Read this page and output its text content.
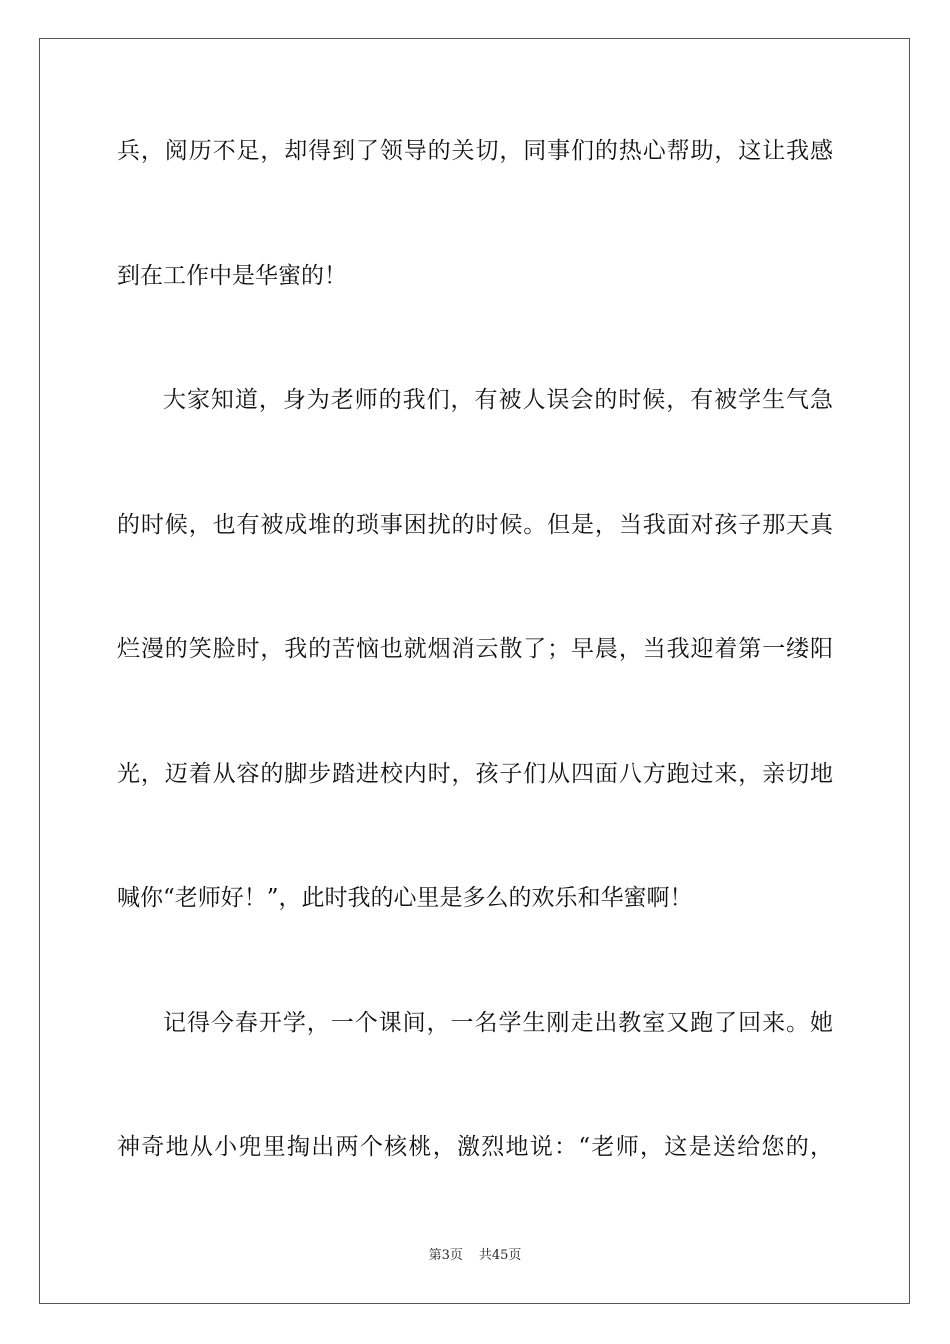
兵，阅历不足，却得到了领导的关切，同事们的热心帮助，这让我感
到在工作中是华蜜的！
大家知道，身为老师的我们，有被人误会的时候，有被学生气急
的时候，也有被成堆的琐事困扰的时候。但是，当我面对孩子那天真
烂漫的笑脸时，我的苦恼也就烟消云散了；早晨，当我迎着第一缕阳
光，迈着从容的脚步踏进校内时，孩子们从四面八方跑过来，亲切地
喊你“老师好！”，此时我的心里是多么的欢乐和华蜜啊！
记得今春开学，一个课间，一名学生刚走出教室又跑了回来。她
神奇地从小兜里掏出两个核桃，激烈地说：“老师，这是送给您的，
第3页 共45页
